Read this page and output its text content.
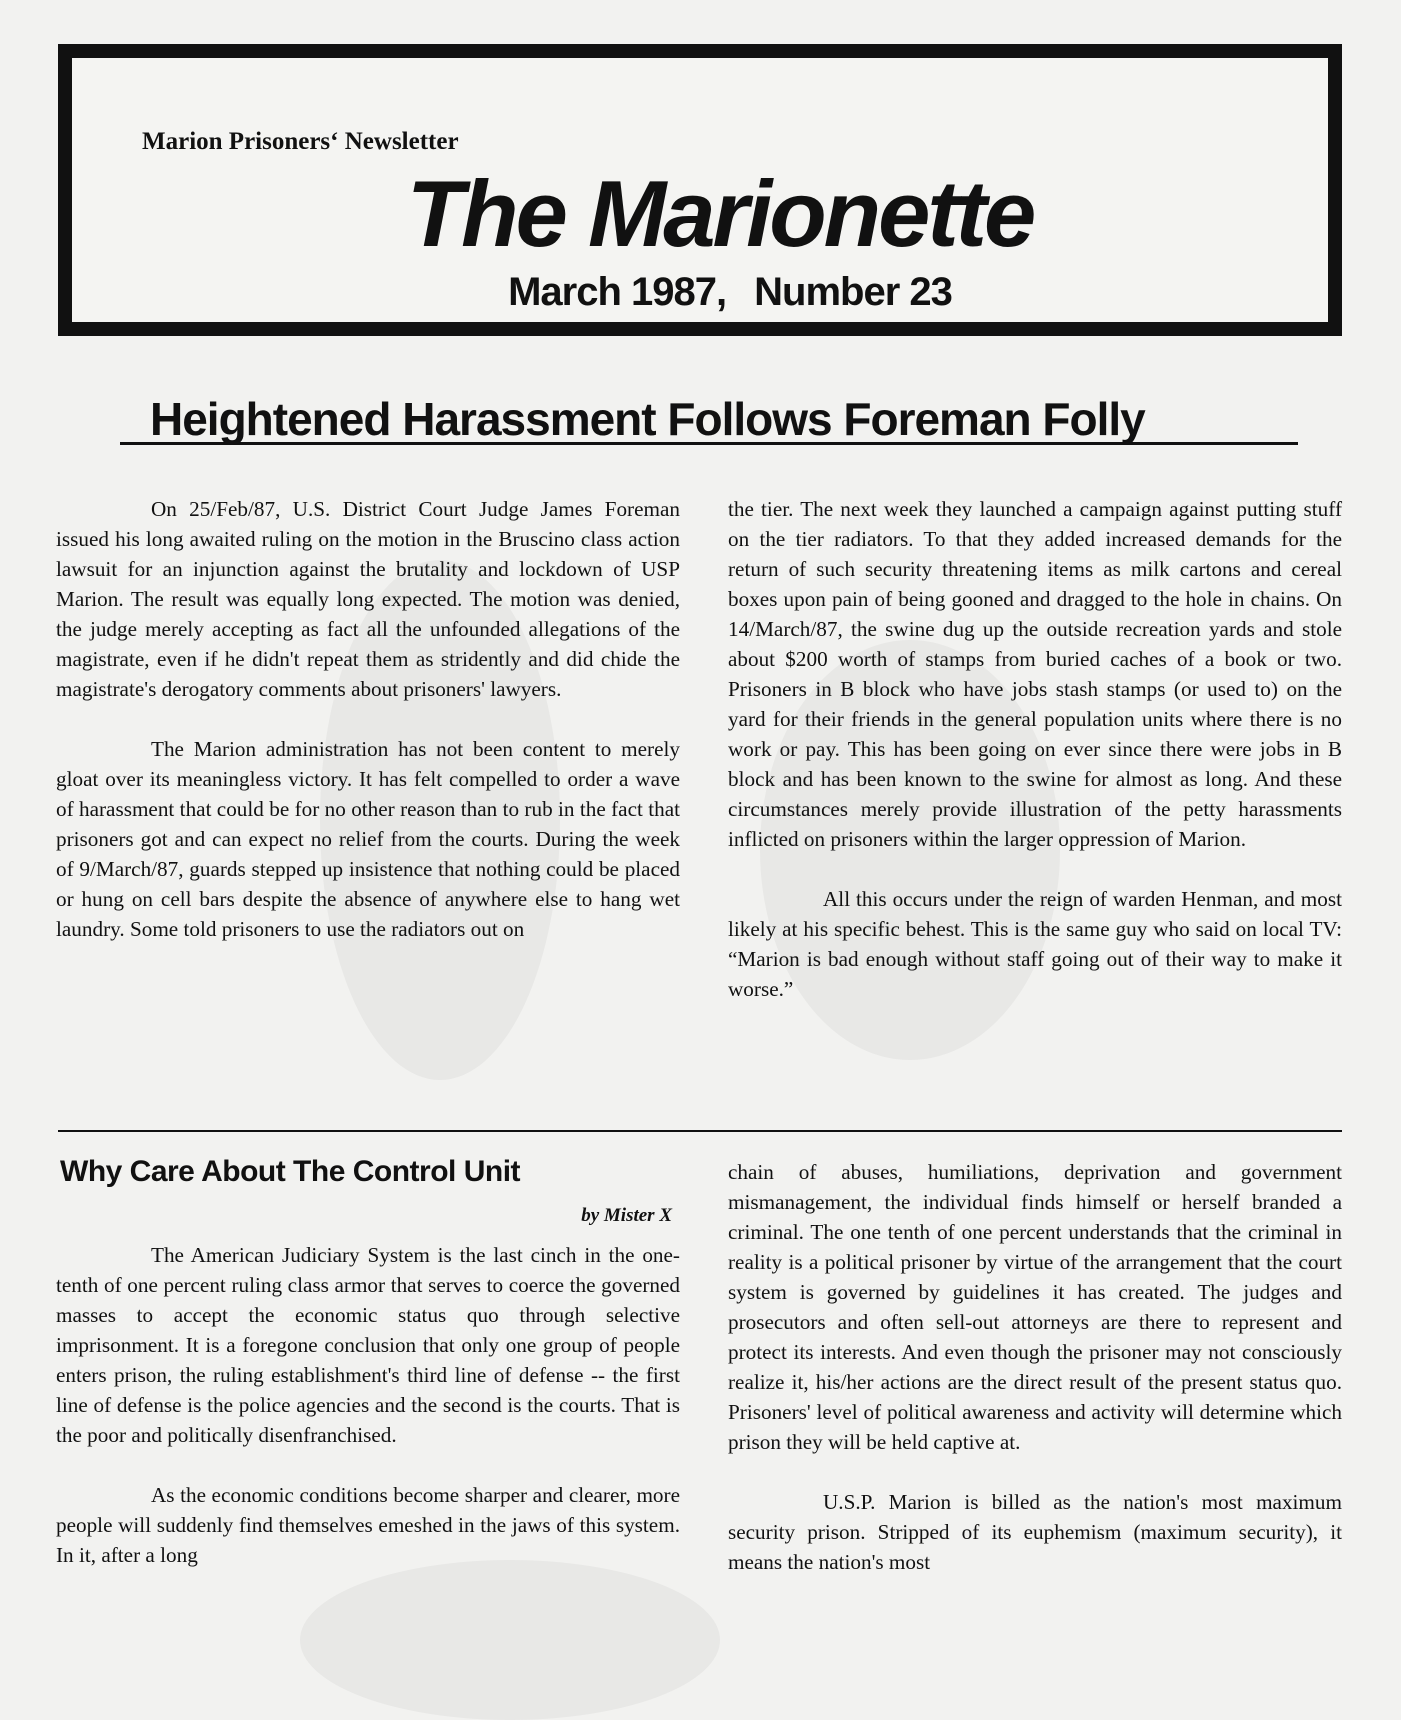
Marion Prisoners‘ Newsletter
The Marionette
March 1987, Number 23
Heightened Harassment Follows Foreman Folly

On 25/Feb/87, U.S. District Court Judge James Foreman issued his long awaited ruling on the motion in the Bruscino class action lawsuit for an injunction against the brutality and lockdown of USP Marion. The result was equally long expected. The motion was denied, the judge merely accepting as fact all the unfounded allegations of the magistrate, even if he didn't repeat them as stridently and did chide the magistrate's derogatory comments about prisoners' lawyers.

The Marion administration has not been content to merely gloat over its meaningless victory. It has felt compelled to order a wave of harassment that could be for no other reason than to rub in the fact that prisoners got and can expect no relief from the courts. During the week of 9/March/87, guards stepped up insistence that nothing could be placed or hung on cell bars despite the absence of anywhere else to hang wet laundry. Some told prisoners to use the radiators out on

the tier. The next week they launched a campaign against putting stuff on the tier radiators. To that they added increased demands for the return of such security threatening items as milk cartons and cereal boxes upon pain of being gooned and dragged to the hole in chains. On 14/March/87, the swine dug up the outside recreation yards and stole about $200 worth of stamps from buried caches of a book or two. Prisoners in B block who have jobs stash stamps (or used to) on the yard for their friends in the general population units where there is no work or pay. This has been going on ever since there were jobs in B block and has been known to the swine for almost as long. And these circumstances merely provide illustration of the petty harassments inflicted on prisoners within the larger oppression of Marion.

All this occurs under the reign of warden Henman, and most likely at his specific behest. This is the same guy who said on local TV: “Marion is bad enough without staff going out of their way to make it worse.”

Why Care About The Control Unit
by Mister X

The American Judiciary System is the last cinch in the one-tenth of one percent ruling class armor that serves to coerce the governed masses to accept the economic status quo through selective imprisonment. It is a foregone conclusion that only one group of people enters prison, the ruling establishment's third line of defense -- the first line of defense is the police agencies and the second is the courts. That is the poor and politically disenfranchised.

As the economic conditions become sharper and clearer, more people will suddenly find themselves emeshed in the jaws of this system. In it, after a long

chain of abuses, humiliations, deprivation and government mismanagement, the individual finds himself or herself branded a criminal. The one tenth of one percent understands that the criminal in reality is a political prisoner by virtue of the arrangement that the court system is governed by guidelines it has created. The judges and prosecutors and often sell-out attorneys are there to represent and protect its interests. And even though the prisoner may not consciously realize it, his/her actions are the direct result of the present status quo. Prisoners' level of political awareness and activity will determine which prison they will be held captive at.

U.S.P. Marion is billed as the nation's most maximum security prison. Stripped of its euphemism (maximum security), it means the nation's most
